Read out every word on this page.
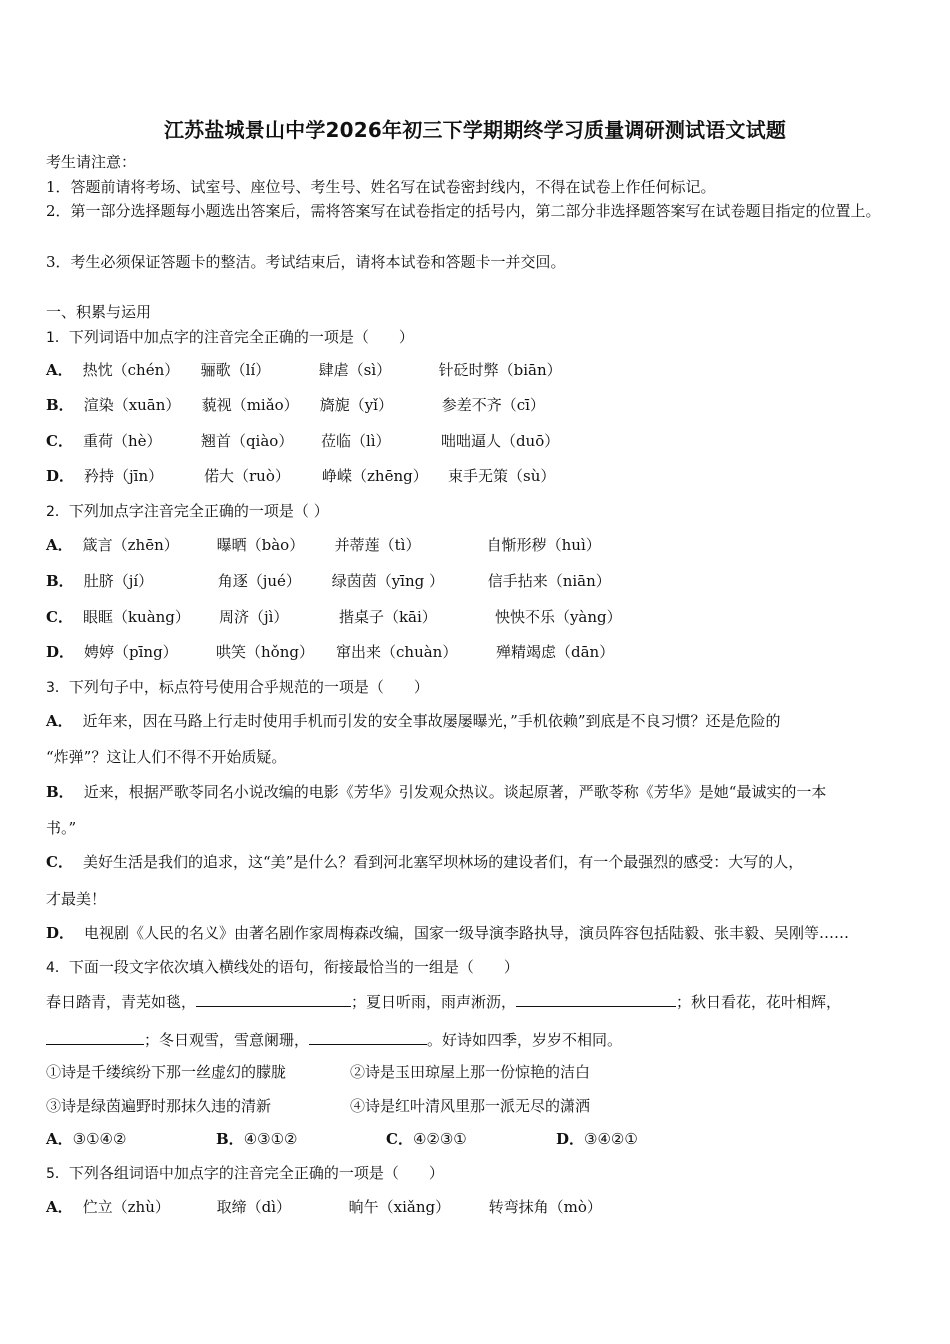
江苏盐城景山中学2026年初三下学期期终学习质量调研测试语文试题
考生请注意：
1．答题前请将考场、试室号、座位号、考生号、姓名写在试卷密封线内，不得在试卷上作任何标记。
2．第一部分选择题每小题选出答案后，需将答案写在试卷指定的括号内，第二部分非选择题答案写在试卷题目指定的位置上。
3．考生必须保证答题卡的整洁。考试结束后，请将本试卷和答题卡一并交回。
一、积累与运用
1．下列词语中加点字的注音完全正确的一项是（　　）
A． 热忱（chén） 骊歌（lí）	肆虐（sì）	针砭时弊（biān）
B． 渲染（xuān） 藐视（miǎo） 旖旎（yǐ）	参差不齐（cī）
C． 重荷（hè）	翘首（qiào） 莅临（lì）	咄咄逼人（duō）
D． 矜持（jīn）	偌大（ruò） 峥嵘（zhēng） 束手无策（sù）
2．下列加点字注音完全正确的一项是（ ）
A． 箴言（zhēn）	曝晒（bào） 并蒂莲（tì）	自惭形秽（huì）
B． 肚脐（jí）	角逐（jué） 绿茵茵（yīng ）	信手拈来（niān）
C． 眼眶（kuàng） 周济（jì）	揩桌子（kāi）	怏怏不乐（yàng）
D． 娉婷（pīng）	哄笑（hǒng） 窜出来（chuàn）	殚精竭虑（dān）
3．下列句子中，标点符号使用合乎规范的一项是（　　）
A． 近年来，因在马路上行走时使用手机而引发的安全事故屡屡曝光，”手机依赖”到底是不良习惯？还是危险的
“炸弹”？这让人们不得不开始质疑。
B． 近来，根据严歌苓同名小说改编的电影《芳华》引发观众热议。谈起原著，严歌苓称《芳华》是她“最诚实的一本
书。”
C． 美好生活是我们的追求，这“美”是什么？看到河北塞罕坝林场的建设者们，有一个最强烈的感受：大写的人，
才最美！
D． 电视剧《人民的名义》由著名剧作家周梅森改编，国家一级导演李路执导，演员阵容包括陆毅、张丰毅、吴刚等……
4．下面一段文字依次填入横线处的语句，衔接最恰当的一组是（　　）
春日踏青，青芜如毯，	；夏日听雨，雨声淅沥，	；秋日看花，花叶相辉，
；冬日观雪，雪意阑珊，	。好诗如四季，岁岁不相同。
①诗是千缕缤纷下那一丝虚幻的朦胧	②诗是玉田琼屋上那一份惊艳的洁白
③诗是绿茵遍野时那抹久违的清新	④诗是红叶清风里那一派无尽的潇洒
A．③①④②	B．④③①②	C．④②③①	D．③④②①
5．下列各组词语中加点字的注音完全正确的一项是（　　）
A． 伫立（zhù）	取缔（dì）	晌午（xiǎng）	转弯抹角（mò）
